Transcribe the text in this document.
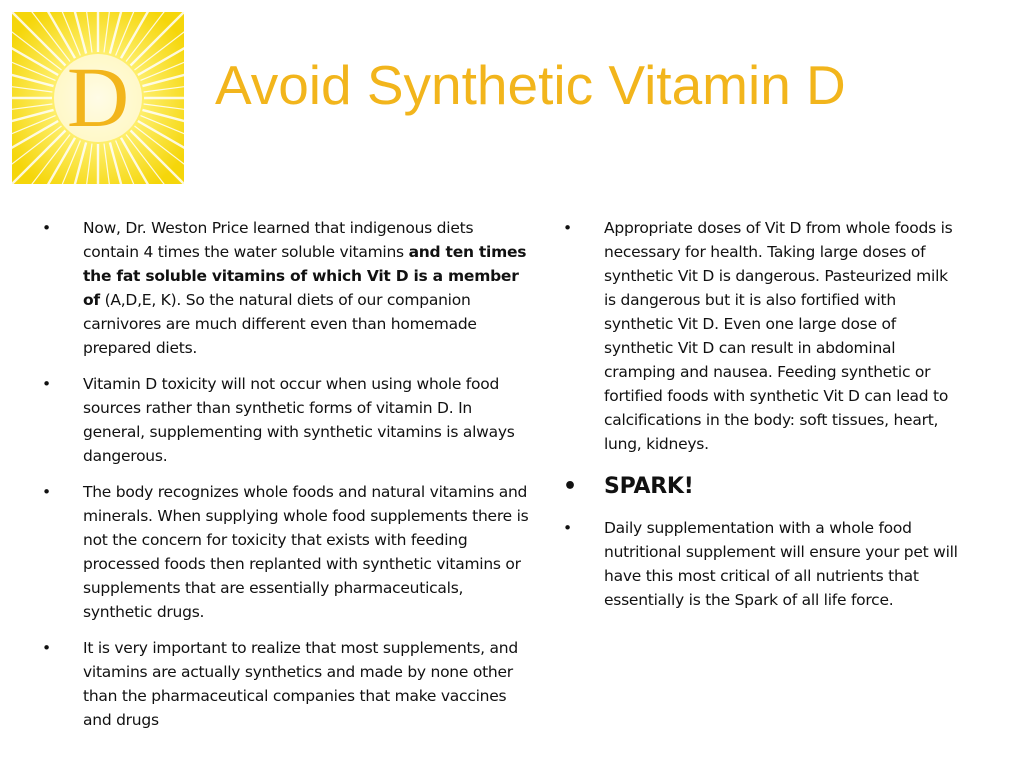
D Avoid Synthetic Vitamin D
•	Now, Dr. Weston Price learned that indigenous diets contain 4 times the water soluble vitamins and ten times the fat soluble vitamins of which Vit D is a member of (A,D,E, K). So the natural diets of our companion carnivores are much different even than homemade prepared diets.
•	Vitamin D toxicity will not occur when using whole food sources rather than synthetic forms of vitamin D. In general, supplementing with synthetic vitamins is always dangerous.
•	The body recognizes whole foods and natural vitamins and minerals. When supplying whole food supplements there is not the concern for toxicity that exists with feeding processed foods then replanted with synthetic vitamins or supplements that are essentially pharmaceuticals, synthetic drugs.
•	It is very important to realize that most supplements, and vitamins are actually synthetics and made by none other than the pharmaceutical companies that make vaccines and drugs
•	Appropriate doses of Vit D from whole foods is necessary for health. Taking large doses of synthetic Vit D is dangerous. Pasteurized milk is dangerous but it is also fortified with synthetic Vit D. Even one large dose of synthetic Vit D can result in abdominal cramping and nausea. Feeding synthetic or fortified foods with synthetic Vit D can lead to calcifications in the body: soft tissues, heart, lung, kidneys.
• SPARK!
•	Daily supplementation with a whole food nutritional supplement will ensure your pet will have this most critical of all nutrients that essentially is the Spark of all life force.
